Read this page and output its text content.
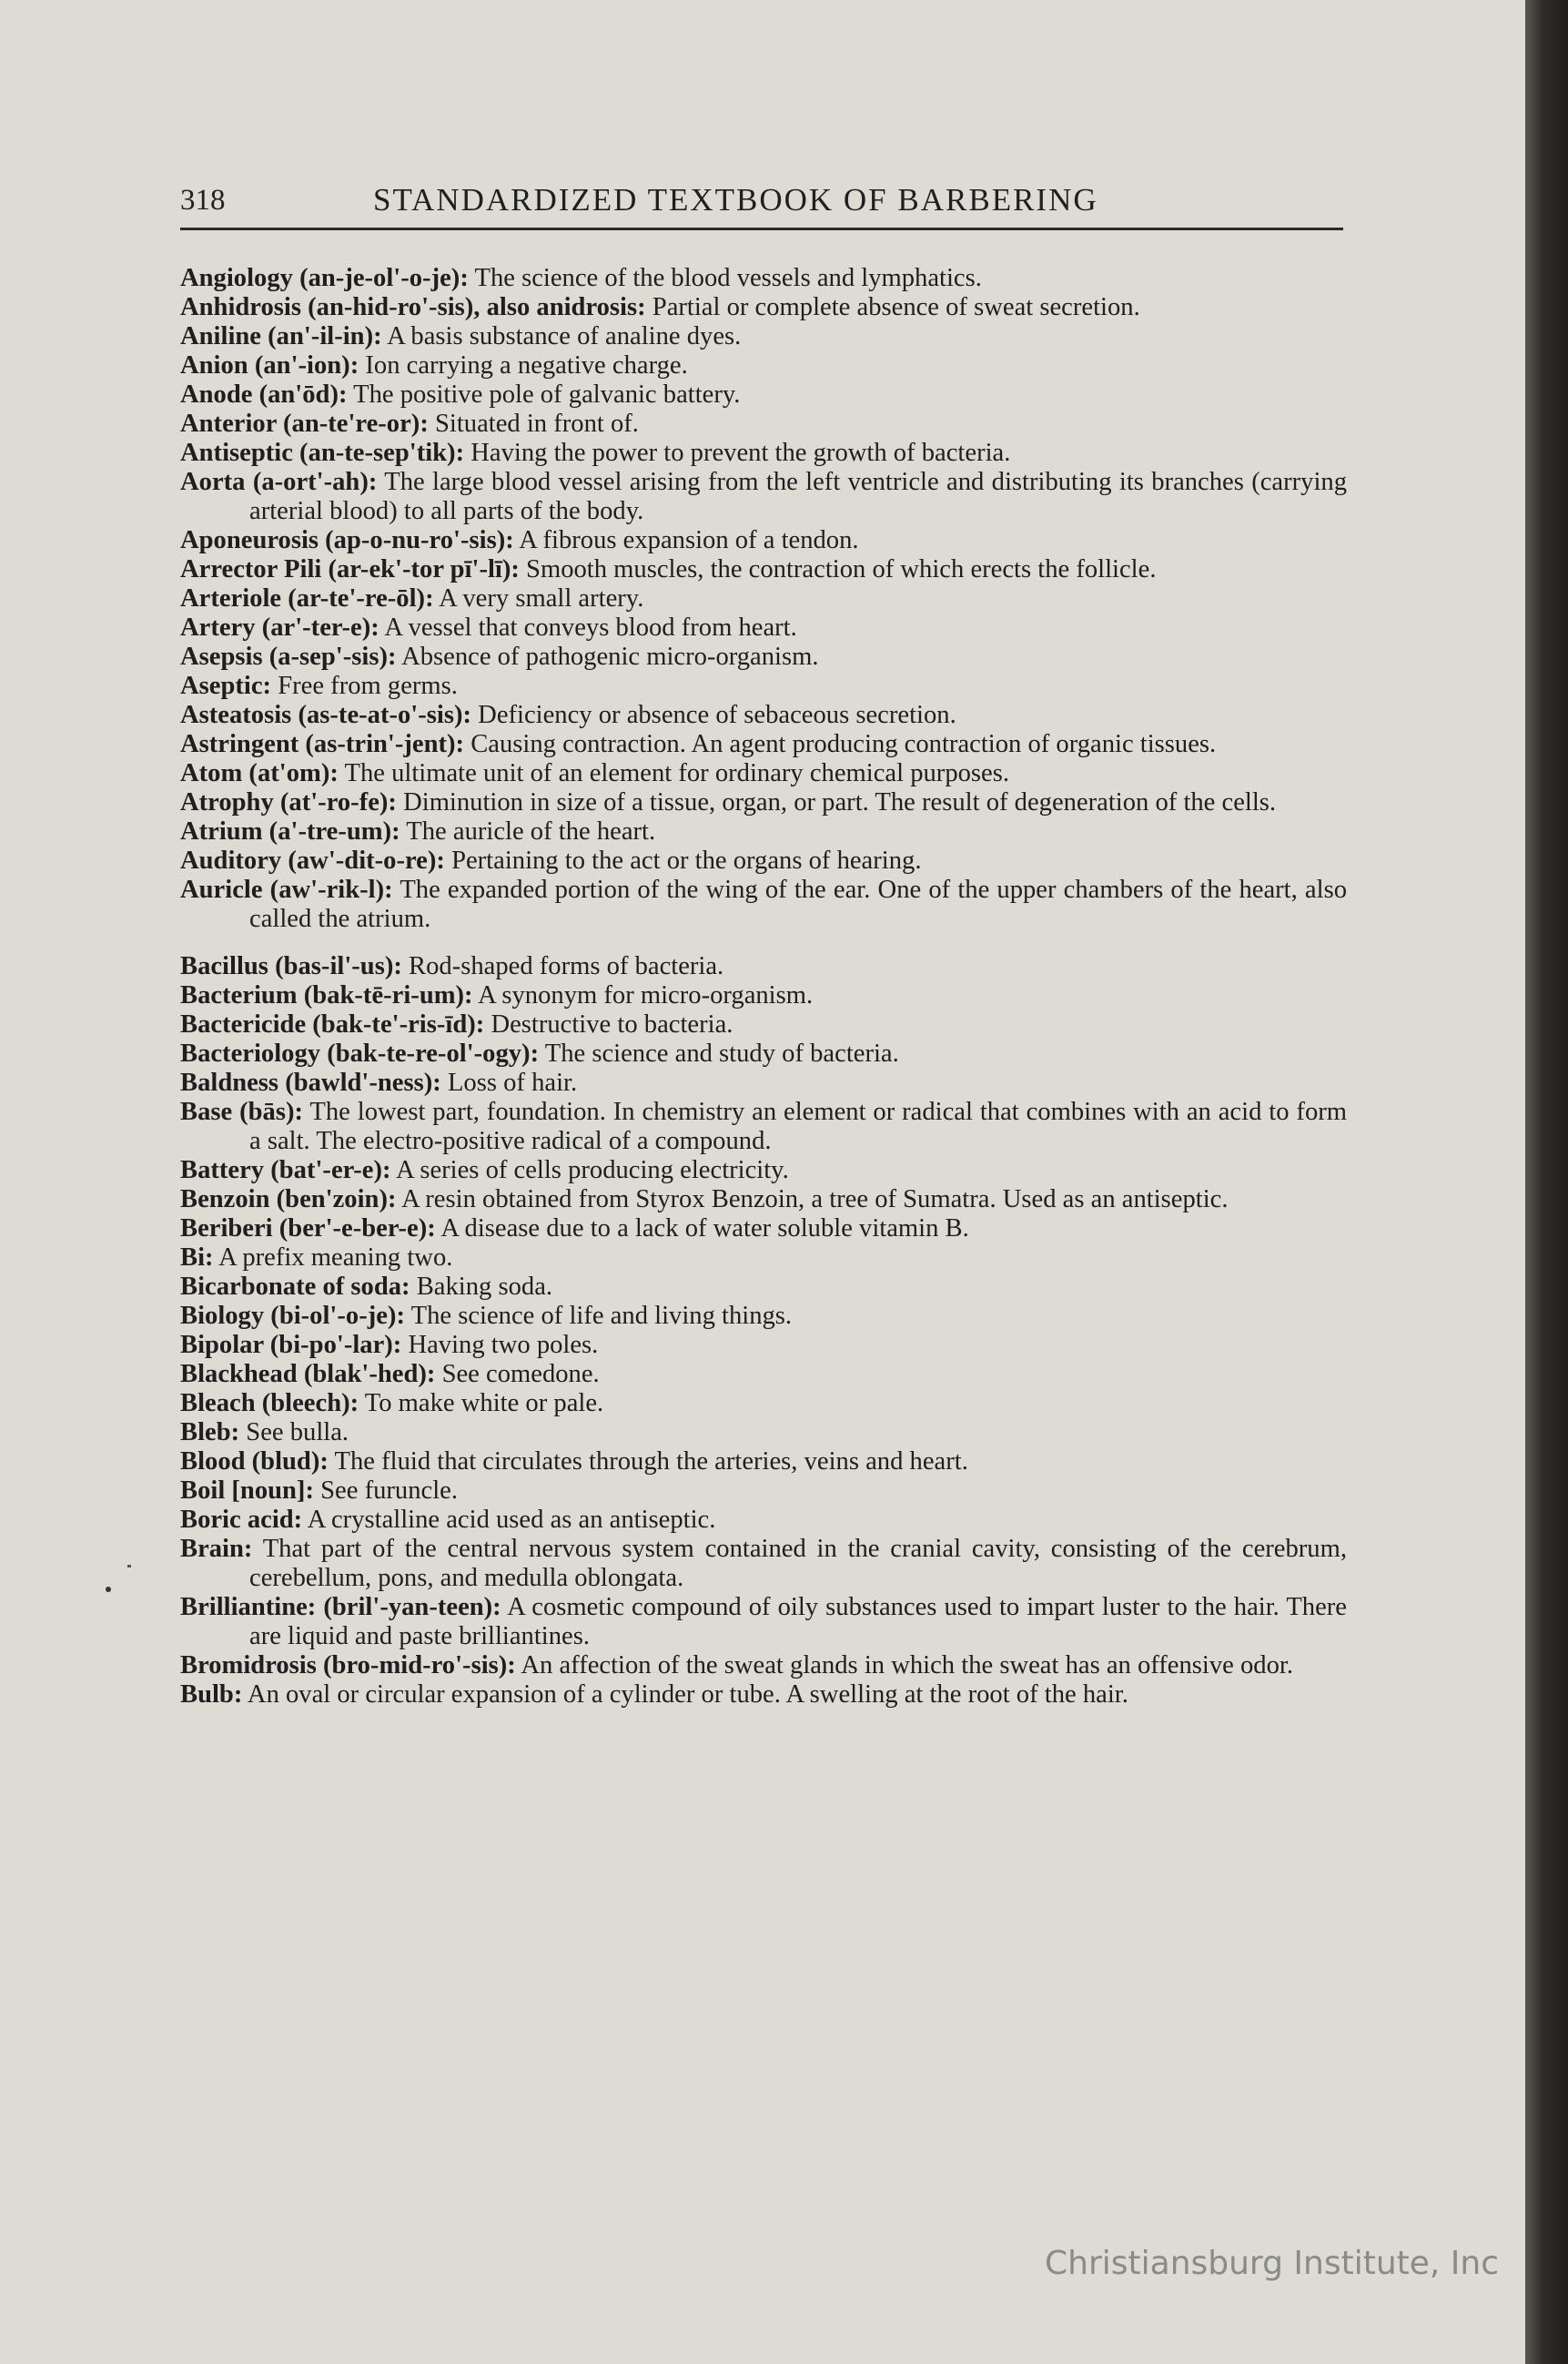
318	STANDARDIZED TEXTBOOK OF BARBERING

Angiology (an-je-ol'-o-je): The science of the blood vessels and lymphatics.

Anhidrosis (an-hid-ro'-sis), also anidrosis: Partial or complete absence of sweat secretion.

Aniline (an'-il-in): A basis substance of analine dyes.

Anion (an'-ion): Ion carrying a negative charge.

Anode (an'ōd): The positive pole of galvanic battery.

Anterior (an-te're-or): Situated in front of.

Antiseptic (an-te-sep'tik): Having the power to prevent the growth of bacteria.

Aorta (a-ort'-ah): The large blood vessel arising from the left ventricle and distributing its branches (carrying arterial blood) to all parts of the body.

Aponeurosis (ap-o-nu-ro'-sis): A fibrous expansion of a tendon.

Arrector Pili (ar-ek'-tor pī'-lī): Smooth muscles, the contraction of which erects the follicle.

Arteriole (ar-te'-re-ōl): A very small artery.

Artery (ar'-ter-e): A vessel that conveys blood from heart.

Asepsis (a-sep'-sis): Absence of pathogenic micro-organism.

Aseptic: Free from germs.

Asteatosis (as-te-at-o'-sis): Deficiency or absence of sebaceous secretion.

Astringent (as-trin'-jent): Causing contraction. An agent producing contraction of organic tissues.

Atom (at'om): The ultimate unit of an element for ordinary chemical purposes.

Atrophy (at'-ro-fe): Diminution in size of a tissue, organ, or part. The result of degeneration of the cells.

Atrium (a'-tre-um): The auricle of the heart.

Auditory (aw'-dit-o-re): Pertaining to the act or the organs of hearing.

Auricle (aw'-rik-l): The expanded portion of the wing of the ear. One of the upper chambers of the heart, also called the atrium.

Bacillus (bas-il'-us): Rod-shaped forms of bacteria.

Bacterium (bak-tē-ri-um): A synonym for micro-organism.

Bactericide (bak-te'-ris-īd): Destructive to bacteria.

Bacteriology (bak-te-re-ol'-ogy): The science and study of bacteria.

Baldness (bawld'-ness): Loss of hair.

Base (bās): The lowest part, foundation. In chemistry an element or radical that combines with an acid to form a salt. The electro-positive radical of a compound.

Battery (bat'-er-e): A series of cells producing electricity.

Benzoin (ben'zoin): A resin obtained from Styrox Benzoin, a tree of Sumatra. Used as an antiseptic.

Beriberi (ber'-e-ber-e): A disease due to a lack of water soluble vitamin B.

Bi: A prefix meaning two.

Bicarbonate of soda: Baking soda.

Biology (bi-ol'-o-je): The science of life and living things.

Bipolar (bi-po'-lar): Having two poles.

Blackhead (blak'-hed): See comedone.

Bleach (bleech): To make white or pale.

Bleb: See bulla.

Blood (blud): The fluid that circulates through the arteries, veins and heart.

Boil [noun]: See furuncle.

Boric acid: A crystalline acid used as an antiseptic.

Brain: That part of the central nervous system contained in the cranial cavity, consisting of the cerebrum, cerebellum, pons, and medulla oblongata.

Brilliantine: (bril'-yan-teen): A cosmetic compound of oily substances used to impart luster to the hair. There are liquid and paste brilliantines.

Bromidrosis (bro-mid-ro'-sis): An affection of the sweat glands in which the sweat has an offensive odor.

Bulb: An oval or circular expansion of a cylinder or tube. A swelling at the root of the hair.

Christiansburg Institute, Inc
